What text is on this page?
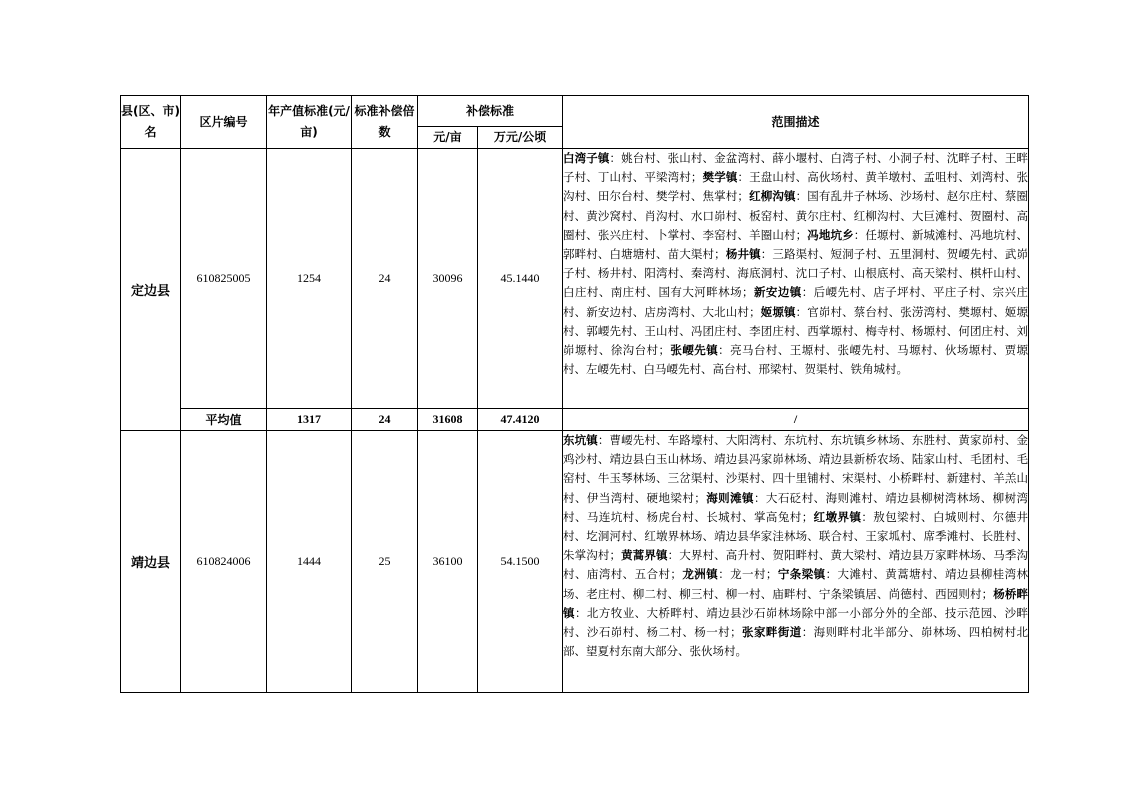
县(区、市)名	区片编号	年产值标准(元/亩)	标准补偿倍数	补偿标准		范围描述
				元/亩	万元/公顷	
定边县	610825005	1254	24	30096	45.1440	白湾子镇：姚台村、张山村、金盆湾村、薛小堰村、白湾子村、小洞子村、沈畔子村、王畔子村、丁山村、平梁湾村；樊学镇：王盘山村、高伙场村、黄羊墩村、孟咀村、刘湾村、张沟村、田尔台村、樊学村、焦掌村；红柳沟镇：国有乱井子林场、沙场村、赵尔庄村、蔡圈村、黄沙窝村、肖沟村、水口峁村、板窑村、黄尔庄村、红柳沟村、大巨滩村、贺圈村、高圈村、张兴庄村、卜掌村、李窑村、羊圈山村；冯地坑乡：任塬村、新城滩村、冯地坑村、郭畔村、白塘塘村、苗大渠村；杨井镇：三路渠村、短洞子村、五里洞村、贺崾先村、武峁子村、杨井村、阳湾村、秦湾村、海底洞村、沈口子村、山根底村、高天梁村、棋杆山村、白庄村、南庄村、国有大河畔林场；新安边镇：后崾先村、店子坪村、平庄子村、宗兴庄村、新安边村、店房湾村、大北山村；姬塬镇：官峁村、蔡台村、张涝湾村、樊塬村、姬塬村、郭崾先村、王山村、冯团庄村、李团庄村、西掌塬村、梅寺村、杨塬村、何团庄村、刘峁塬村、徐沟台村；张崾先镇：亮马台村、王塬村、张崾先村、马塬村、伙场塬村、贾塬村、左崾先村、白马崾先村、高台村、邢梁村、贺渠村、铁角城村。
	平均值	1317	24	31608	47.4120	/
靖边县	610824006	1444	25	36100	54.1500	东坑镇：曹崾先村、车路壕村、大阳湾村、东坑村、东坑镇乡林场、东胜村、黄家峁村、金鸡沙村、靖边县白玉山林场、靖边县冯家峁林场、靖边县新桥农场、陆家山村、毛团村、毛窑村、牛玉琴林场、三岔渠村、沙渠村、四十里铺村、宋渠村、小桥畔村、新建村、羊羔山村、伊当湾村、硬地梁村；海则滩镇：大石砭村、海则滩村、靖边县柳树湾林场、柳树湾村、马连坑村、杨虎台村、长城村、掌高兔村；红墩界镇：敖包梁村、白城则村、尔德井村、圪洞河村、红墩界林场、靖边县华家洼林场、联合村、王家坬村、席季滩村、长胜村、朱掌沟村；黄蒿界镇：大界村、高升村、贺阳畔村、黄大梁村、靖边县万家畔林场、马季沟村、庙湾村、五合村；龙洲镇：龙一村；宁条梁镇：大滩村、黄蒿塘村、靖边县柳桂湾林场、老庄村、柳二村、柳三村、柳一村、庙畔村、宁条梁镇居、尚德村、西园则村；杨桥畔镇：北方牧业、大桥畔村、靖边县沙石峁林场除中部一小部分外的全部、技示范园、沙畔村、沙石峁村、杨二村、杨一村；张家畔街道：海则畔村北半部分、峁林场、四柏树村北部、望夏村东南大部分、张伙场村。
